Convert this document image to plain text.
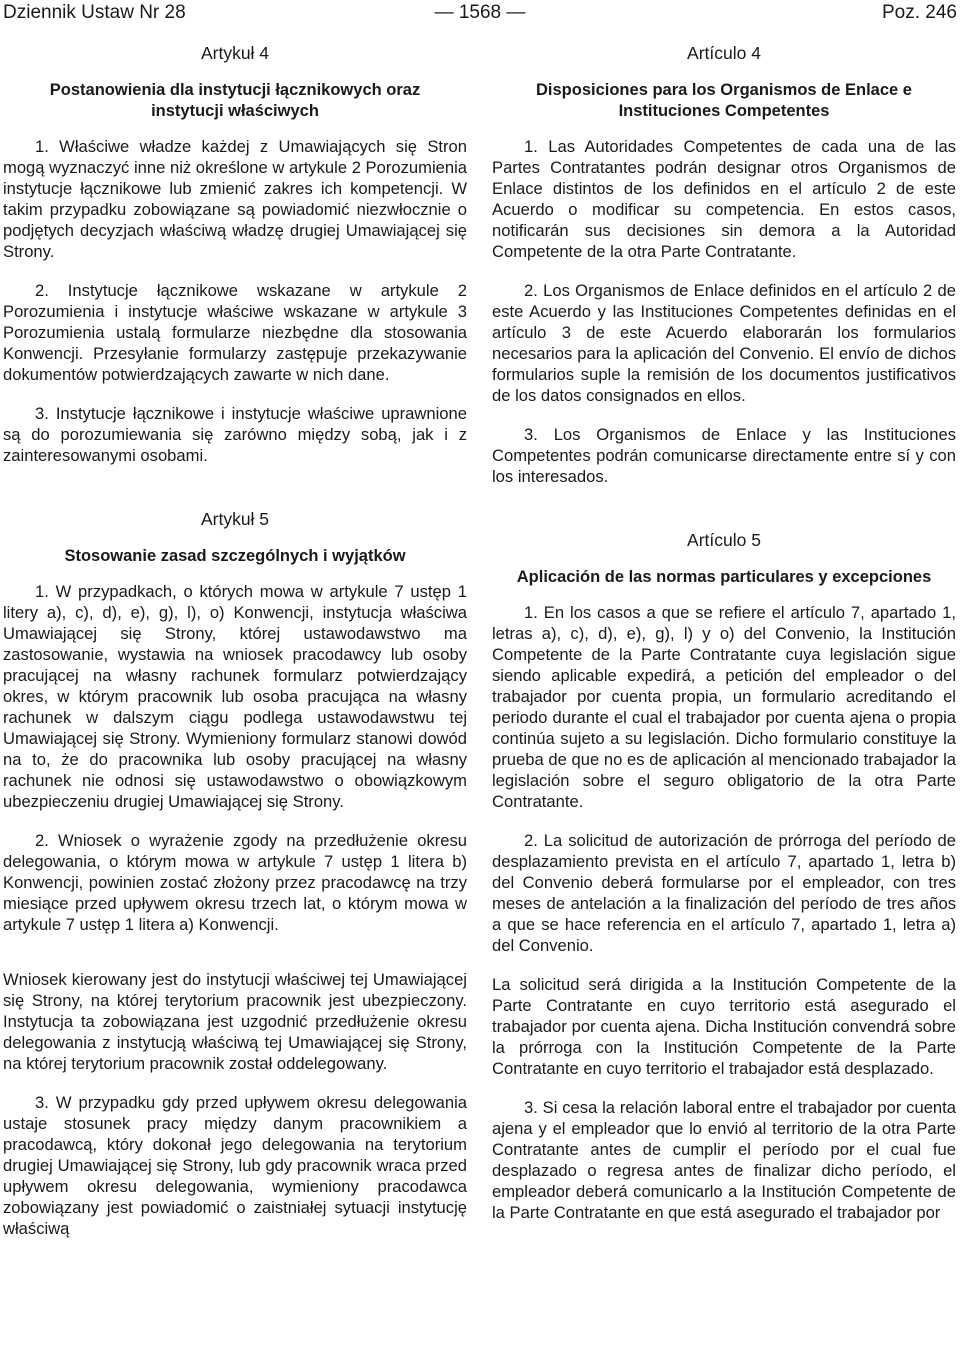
Dziennik Ustaw Nr 28	— 1568 —	Poz. 246
Artykuł 4
Postanowienia dla instytucji łącznikowych oraz instytucji właściwych

1. Właściwe władze każdej z Umawiających się Stron mogą wyznaczyć inne niż określone w artykule 2 Porozumienia instytucje łącznikowe lub zmienić zakres ich kompetencji. W takim przypadku zobowiązane są powiadomić niezwłocznie o podjętych decyzjach właściwą władzę drugiej Umawiającej się Strony.

2. Instytucje łącznikowe wskazane w artykule 2 Porozumienia i instytucje właściwe wskazane w artykule 3 Porozumienia ustalą formularze niezbędne dla stosowania Konwencji. Przesyłanie formularzy zastępuje przekazywanie dokumentów potwierdzających zawarte w nich dane.

3. Instytucje łącznikowe i instytucje właściwe uprawnione są do porozumiewania się zarówno między sobą, jak i z zainteresowanymi osobami.

Artykuł 5
Stosowanie zasad szczególnych i wyjątków

1. W przypadkach, o których mowa w artykule 7 ustęp 1 litery a), c), d), e), g), l), o) Konwencji, instytucja właściwa Umawiającej się Strony, której ustawodawstwo ma zastosowanie, wystawia na wniosek pracodawcy lub osoby pracującej na własny rachunek formularz potwierdzający okres, w którym pracownik lub osoba pracująca na własny rachunek w dalszym ciągu podlega ustawodawstwu tej Umawiającej się Strony. Wymieniony formularz stanowi dowód na to, że do pracownika lub osoby pracującej na własny rachunek nie odnosi się ustawodawstwo o obowiązkowym ubezpieczeniu drugiej Umawiającej się Strony.

2. Wniosek o wyrażenie zgody na przedłużenie okresu delegowania, o którym mowa w artykule 7 ustęp 1 litera b) Konwencji, powinien zostać złożony przez pracodawcę na trzy miesiące przed upływem okresu trzech lat, o którym mowa w artykule 7 ustęp 1 litera a) Konwencji.

Wniosek kierowany jest do instytucji właściwej tej Umawiającej się Strony, na której terytorium pracownik jest ubezpieczony. Instytucja ta zobowiązana jest uzgodnić przedłużenie okresu delegowania z instytucją właściwą tej Umawiającej się Strony, na której terytorium pracownik został oddelegowany.

3. W przypadku gdy przed upływem okresu delegowania ustaje stosunek pracy między danym pracownikiem a pracodawcą, który dokonał jego delegowania na terytorium drugiej Umawiającej się Strony, lub gdy pracownik wraca przed upływem okresu delegowania, wymieniony pracodawca zobowiązany jest powiadomić o zaistniałej sytuacji instytucję właściwą

Artículo 4
Disposiciones para los Organismos de Enlace e Instituciones Competentes

1. Las Autoridades Competentes de cada una de las Partes Contratantes podrán designar otros Organismos de Enlace distintos de los definidos en el artículo 2 de este Acuerdo o modificar su competencia. En estos casos, notificarán sus decisiones sin demora a la Autoridad Competente de la otra Parte Contratante.

2. Los Organismos de Enlace definidos en el artículo 2 de este Acuerdo y las Instituciones Competentes definidas en el artículo 3 de este Acuerdo elaborarán los formularios necesarios para la aplicación del Convenio. El envío de dichos formularios suple la remisión de los documentos justificativos de los datos consignados en ellos.

3. Los Organismos de Enlace y las Instituciones Competentes podrán comunicarse directamente entre sí y con los interesados.

Artículo 5
Aplicación de las normas particulares y excepciones

1. En los casos a que se refiere el artículo 7, apartado 1, letras a), c), d), e), g), l) y o) del Convenio, la Institución Competente de la Parte Contratante cuya legislación sigue siendo aplicable expedirá, a petición del empleador o del trabajador por cuenta propia, un formulario acreditando el periodo durante el cual el trabajador por cuenta ajena o propia continúa sujeto a su legislación. Dicho formulario constituye la prueba de que no es de aplicación al mencionado trabajador la legislación sobre el seguro obligatorio de la otra Parte Contratante.

2. La solicitud de autorización de prórroga del período de desplazamiento prevista en el artículo 7, apartado 1, letra b) del Convenio deberá formularse por el empleador, con tres meses de antelación a la finalización del período de tres años a que se hace referencia en el artículo 7, apartado 1, letra a) del Convenio.

La solicitud será dirigida a la Institución Competente de la Parte Contratante en cuyo territorio está asegurado el trabajador por cuenta ajena. Dicha Institución convendrá sobre la prórroga con la Institución Competente de la Parte Contratante en cuyo territorio el trabajador está desplazado.

3. Si cesa la relación laboral entre el trabajador por cuenta ajena y el empleador que lo envió al territorio de la otra Parte Contratante antes de cumplir el período por el cual fue desplazado o regresa antes de finalizar dicho período, el empleador deberá comunicarlo a la Institución Competente de la Parte Contratante en que está asegurado el trabajador por
